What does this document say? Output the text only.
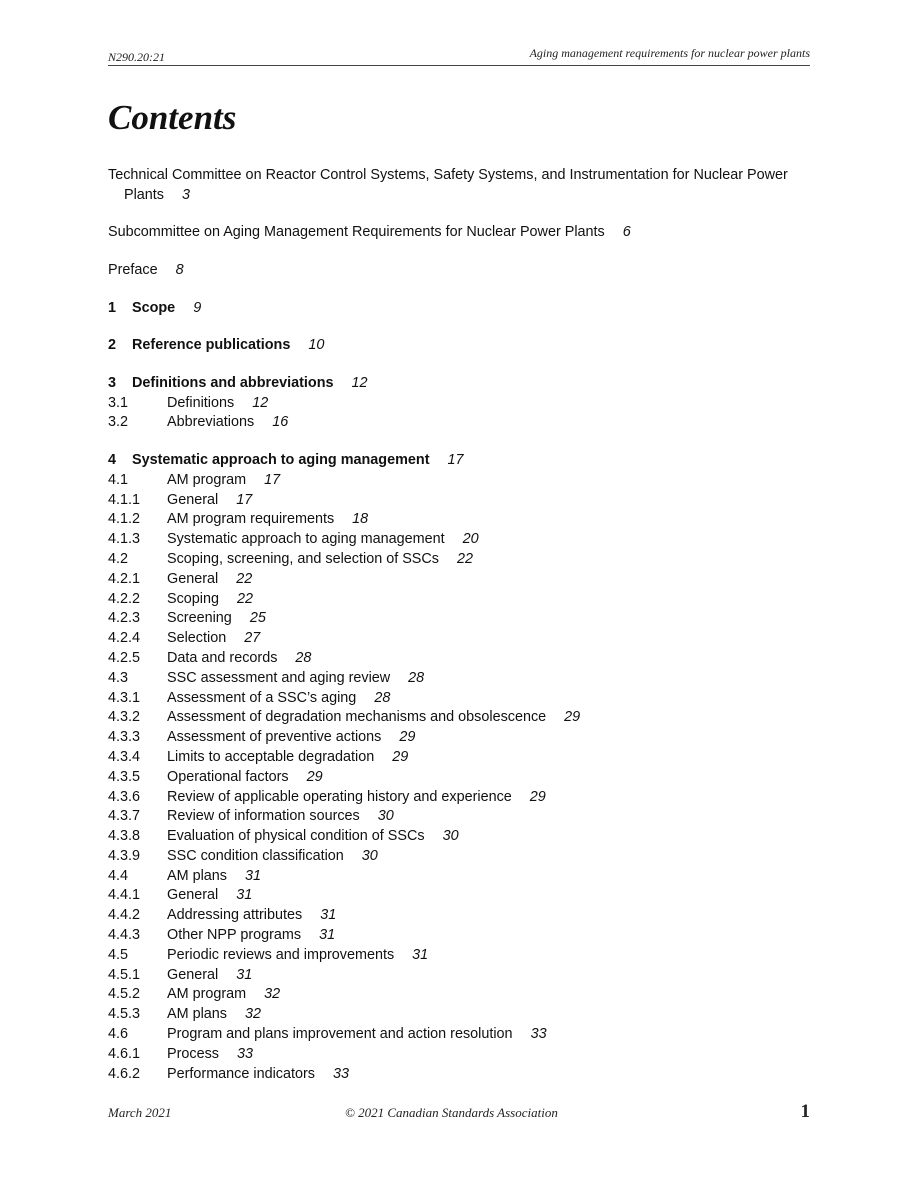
N290.20:21	Aging management requirements for nuclear power plants
Contents
Technical Committee on Reactor Control Systems, Safety Systems, and Instrumentation for Nuclear Power Plants 3
Subcommittee on Aging Management Requirements for Nuclear Power Plants 6
Preface 8
1 Scope 9
2 Reference publications 10
3 Definitions and abbreviations 12
3.1	Definitions 12
3.2	Abbreviations 16
4 Systematic approach to aging management 17
4.1	AM program 17
4.1.1 General 17
4.1.2 AM program requirements 18
4.1.3 Systematic approach to aging management 20
4.2	Scoping, screening, and selection of SSCs 22
4.2.1 General 22
4.2.2 Scoping 22
4.2.3 Screening 25
4.2.4 Selection 27
4.2.5 Data and records 28
4.3	SSC assessment and aging review 28
4.3.1 Assessment of a SSC’s aging 28
4.3.2 Assessment of degradation mechanisms and obsolescence 29
4.3.3 Assessment of preventive actions 29
4.3.4 Limits to acceptable degradation 29
4.3.5 Operational factors 29
4.3.6 Review of applicable operating history and experience 29
4.3.7 Review of information sources 30
4.3.8 Evaluation of physical condition of SSCs 30
4.3.9 SSC condition classification 30
4.4	AM plans 31
4.4.1 General 31
4.4.2 Addressing attributes 31
4.4.3 Other NPP programs 31
4.5	Periodic reviews and improvements 31
4.5.1 General 31
4.5.2 AM program 32
4.5.3 AM plans 32
4.6	Program and plans improvement and action resolution 33
4.6.1 Process 33
4.6.2 Performance indicators 33
March 2021	© 2021 Canadian Standards Association	1
